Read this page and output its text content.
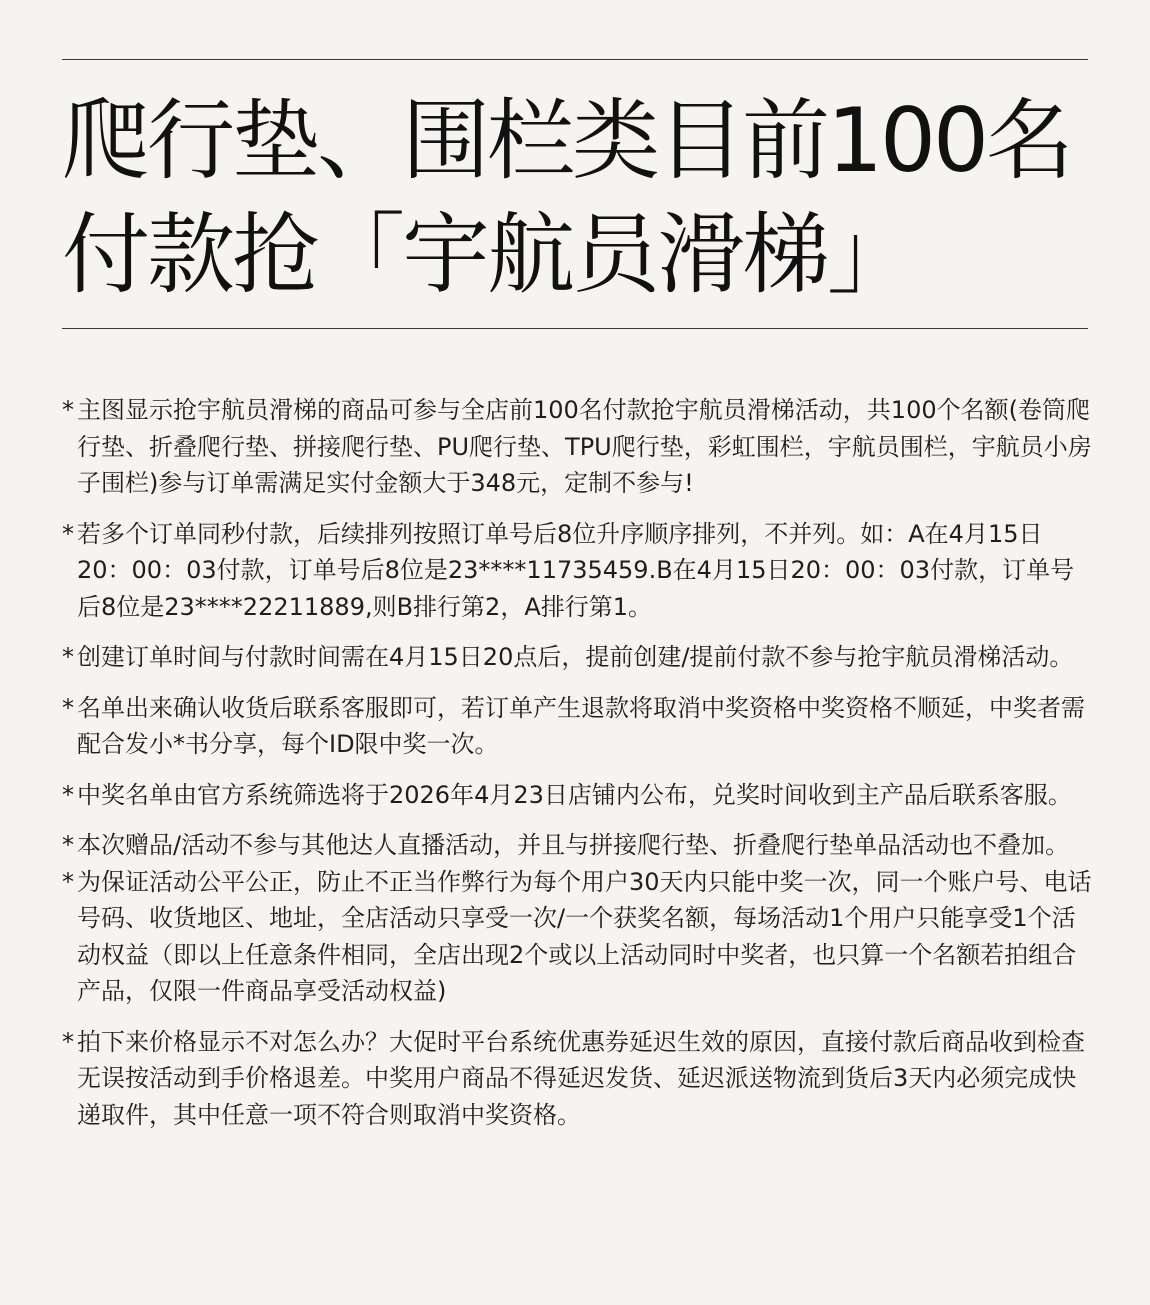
爬行垫、围栏类目前100名
付款抢「宇航员滑梯」
* 主图显示抢宇航员滑梯的商品可参与全店前100名付款抢宇航员滑梯活动，共100个名额(卷筒爬行垫、折叠爬行垫、拼接爬行垫、PU爬行垫、TPU爬行垫，彩虹围栏，宇航员围栏，宇航员小房子围栏)参与订单需满足实付金额大于348元，定制不参与!
* 若多个订单同秒付款，后续排列按照订单号后8位升序顺序排列，不并列。如：A在4月15日20：00：03付款，订单号后8位是23****11735459.B在4月15日20：00：03付款，订单号后8位是23****22211889,则B排行第2，A排行第1。
* 创建订单时间与付款时间需在4月15日20点后，提前创建/提前付款不参与抢宇航员滑梯活动。
* 名单出来确认收货后联系客服即可，若订单产生退款将取消中奖资格中奖资格不顺延，中奖者需配合发小*书分享，每个ID限中奖一次。
* 中奖名单由官方系统筛选将于2026年4月23日店铺内公布，兑奖时间收到主产品后联系客服。
* 本次赠品/活动不参与其他达人直播活动，并且与拼接爬行垫、折叠爬行垫单品活动也不叠加。
* 为保证活动公平公正，防止不正当作弊行为每个用户30天内只能中奖一次，同一个账户号、电话号码、收货地区、地址，全店活动只享受一次/一个获奖名额，每场活动1个用户只能享受1个活动权益（即以上任意条件相同，全店出现2个或以上活动同时中奖者，也只算一个名额若拍组合产品，仅限一件商品享受活动权益)
* 拍下来价格显示不对怎么办？大促时平台系统优惠券延迟生效的原因，直接付款后商品收到检查无误按活动到手价格退差。中奖用户商品不得延迟发货、延迟派送物流到货后3天内必须完成快递取件，其中任意一项不符合则取消中奖资格。
